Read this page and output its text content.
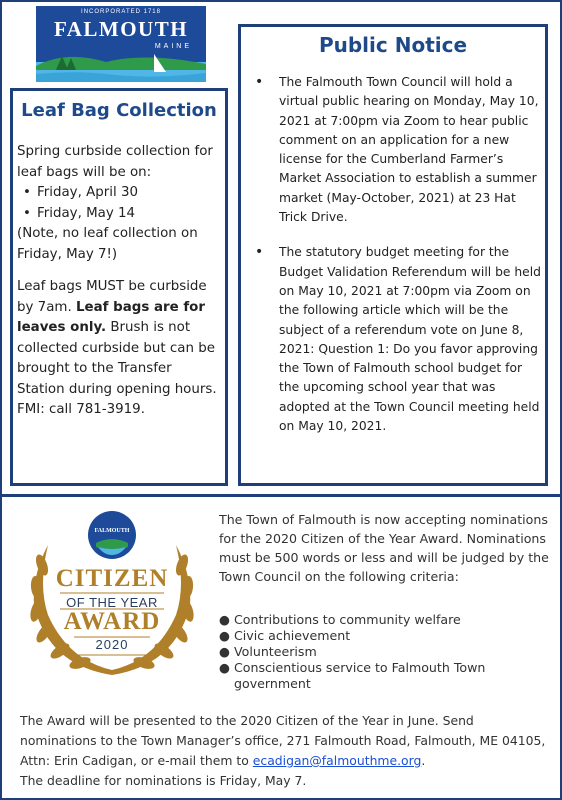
INCORPORATED 1718
FALMOUTH
MAINE	Public Notice
• The Falmouth Town Council will hold a virtual public hearing on Monday, May 10, 2021 at 7:00pm via Zoom to hear public comment on an application for a new license for the Cumberland Farmer’s Market Association to establish a summer market (May-October, 2021) at 23 Hat Trick Drive.
• The statutory budget meeting for the Budget Validation Referendum will be held on May 10, 2021 at 7:00pm via Zoom on the following article which will be the subject of a referendum vote on June 8, 2021: Question 1: Do you favor approving the Town of Falmouth school budget for the upcoming school year that was adopted at the Town Council meeting held on May 10, 2021.
Leaf Bag Collection

Spring curbside collection for leaf bags will be on:

• Friday, April 30
• Friday, May 14

(Note, no leaf collection on Friday, May 7!)

Leaf bags MUST be curbside by 7am. Leaf bags are for leaves only. Brush is not collected curbside but can be brought to the Transfer Station during opening hours. FMI: call 781-3919.

FALMOUTH
CITIZEN
OF THE YEAR
AWARD
2020

The Town of Falmouth is now accepting nominations for the 2020 Citizen of the Year Award. Nominations must be 500 words or less and will be judged by the Town Council on the following criteria:

● Contributions to community welfare
● Civic achievement
● Volunteerism
● Conscientious service to Falmouth Town government

The Award will be presented to the 2020 Citizen of the Year in June. Send nominations to the Town Manager’s office, 271 Falmouth Road, Falmouth, ME 04105, Attn: Erin Cadigan, or e-mail them to ecadigan@falmouthme.org.

The deadline for nominations is Friday, May 7.
